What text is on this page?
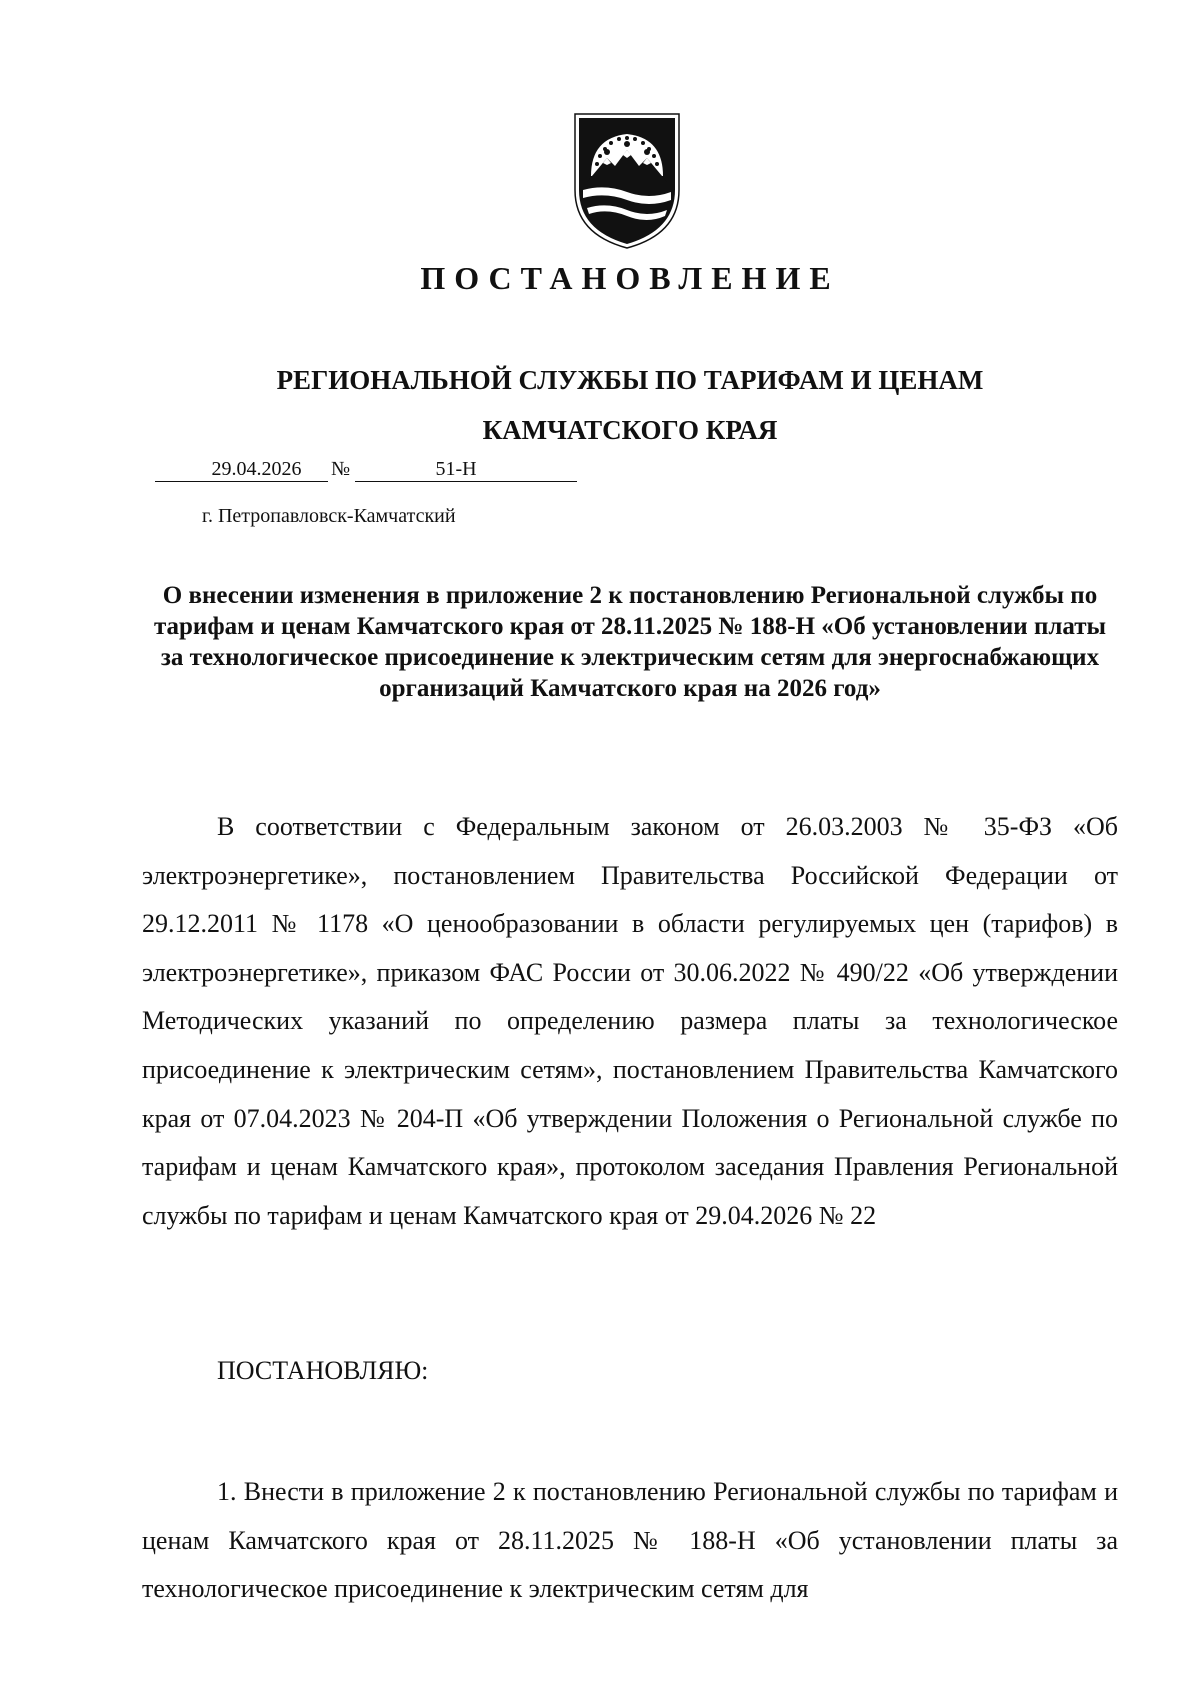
ПОСТАНОВЛЕНИЕ
РЕГИОНАЛЬНОЙ СЛУЖБЫ ПО ТАРИФАМ И ЦЕНАМ
КАМЧАТСКОГО КРАЯ
29.04.2026	№	51-Н
г. Петропавловск-Камчатский
О внесении изменения в приложение 2 к постановлению Региональной службы по тарифам и ценам Камчатского края от 28.11.2025 № 188-Н «Об установлении платы за технологическое присоединение к электрическим сетям для энергоснабжающих организаций Камчатского края на 2026 год»

В соответствии с Федеральным законом от 26.03.2003 № 35-ФЗ «Об электроэнергетике», постановлением Правительства Российской Федерации от 29.12.2011 № 1178 «О ценообразовании в области регулируемых цен (тарифов) в электроэнергетике», приказом ФАС России от 30.06.2022 № 490/22 «Об утверждении Методических указаний по определению размера платы за технологическое присоединение к электрическим сетям», постановлением Правительства Камчатского края от 07.04.2023 № 204-П «Об утверждении Положения о Региональной службе по тарифам и ценам Камчатского края», протоколом заседания Правления Региональной службы по тарифам и ценам Камчатского края от 29.04.2026 № 22

ПОСТАНОВЛЯЮ:

1. Внести в приложение 2 к постановлению Региональной службы по тарифам и ценам Камчатского края от 28.11.2025 № 188-Н «Об установлении платы за технологическое присоединение к электрическим сетям для
